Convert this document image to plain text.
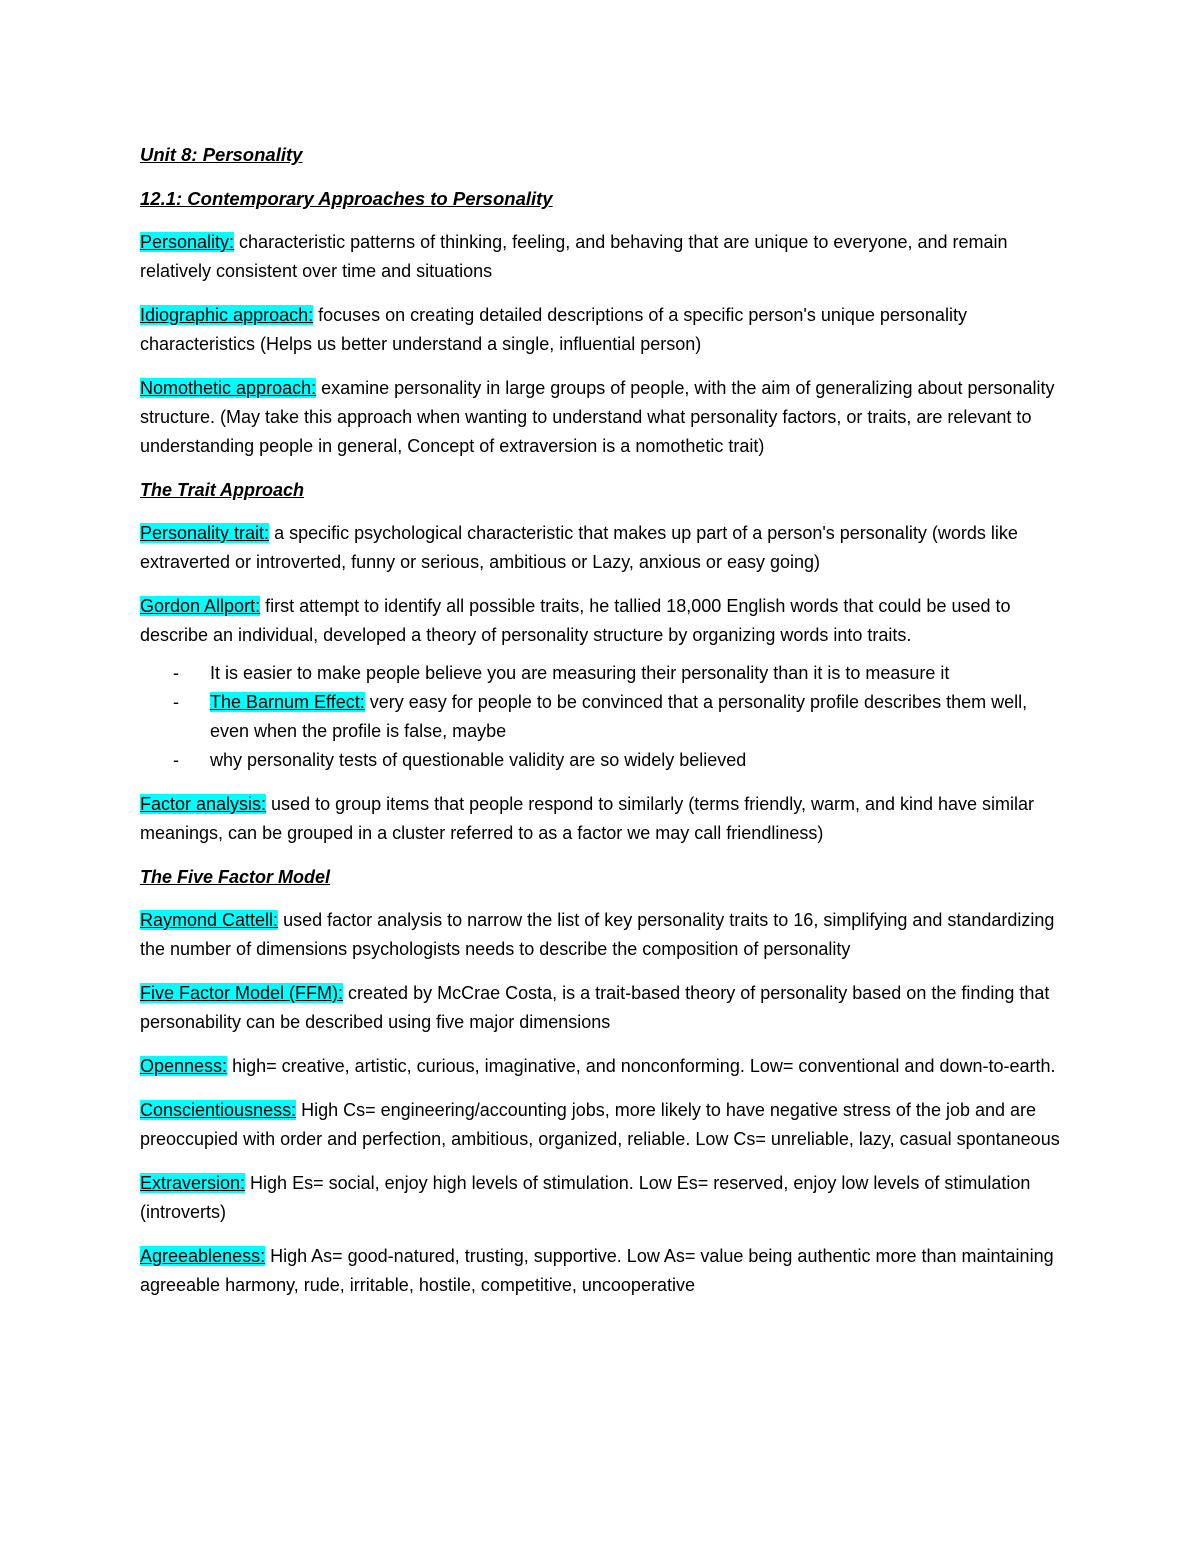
Unit 8: Personality

12.1: Contemporary Approaches to Personality

Personality: characteristic patterns of thinking, feeling, and behaving that are unique to everyone, and remain relatively consistent over time and situations

Idiographic approach: focuses on creating detailed descriptions of a specific person's unique personality characteristics (Helps us better understand a single, influential person)

Nomothetic approach: examine personality in large groups of people, with the aim of generalizing about personality structure. (May take this approach when wanting to understand what personality factors, or traits, are relevant to understanding people in general, Concept of extraversion is a nomothetic trait)

The Trait Approach

Personality trait: a specific psychological characteristic that makes up part of a person's personality (words like extraverted or introverted, funny or serious, ambitious or Lazy, anxious or easy going)

Gordon Allport: first attempt to identify all possible traits, he tallied 18,000 English words that could be used to describe an individual, developed a theory of personality structure by organizing words into traits.

- It is easier to make people believe you are measuring their personality than it is to measure it
- The Barnum Effect: very easy for people to be convinced that a personality profile describes them well, even when the profile is false, maybe
- why personality tests of questionable validity are so widely believed

Factor analysis: used to group items that people respond to similarly (terms friendly, warm, and kind have similar meanings, can be grouped in a cluster referred to as a factor we may call friendliness)

The Five Factor Model

Raymond Cattell: used factor analysis to narrow the list of key personality traits to 16, simplifying and standardizing the number of dimensions psychologists needs to describe the composition of personality

Five Factor Model (FFM): created by McCrae Costa, is a trait-based theory of personality based on the finding that personability can be described using five major dimensions

Openness: high= creative, artistic, curious, imaginative, and nonconforming. Low= conventional and down-to-earth.

Conscientiousness: High Cs= engineering/accounting jobs, more likely to have negative stress of the job and are preoccupied with order and perfection, ambitious, organized, reliable. Low Cs= unreliable, lazy, casual spontaneous

Extraversion: High Es= social, enjoy high levels of stimulation. Low Es= reserved, enjoy low levels of stimulation (introverts)

Agreeableness: High As= good-natured, trusting, supportive. Low As= value being authentic more than maintaining agreeable harmony, rude, irritable, hostile, competitive, uncooperative
